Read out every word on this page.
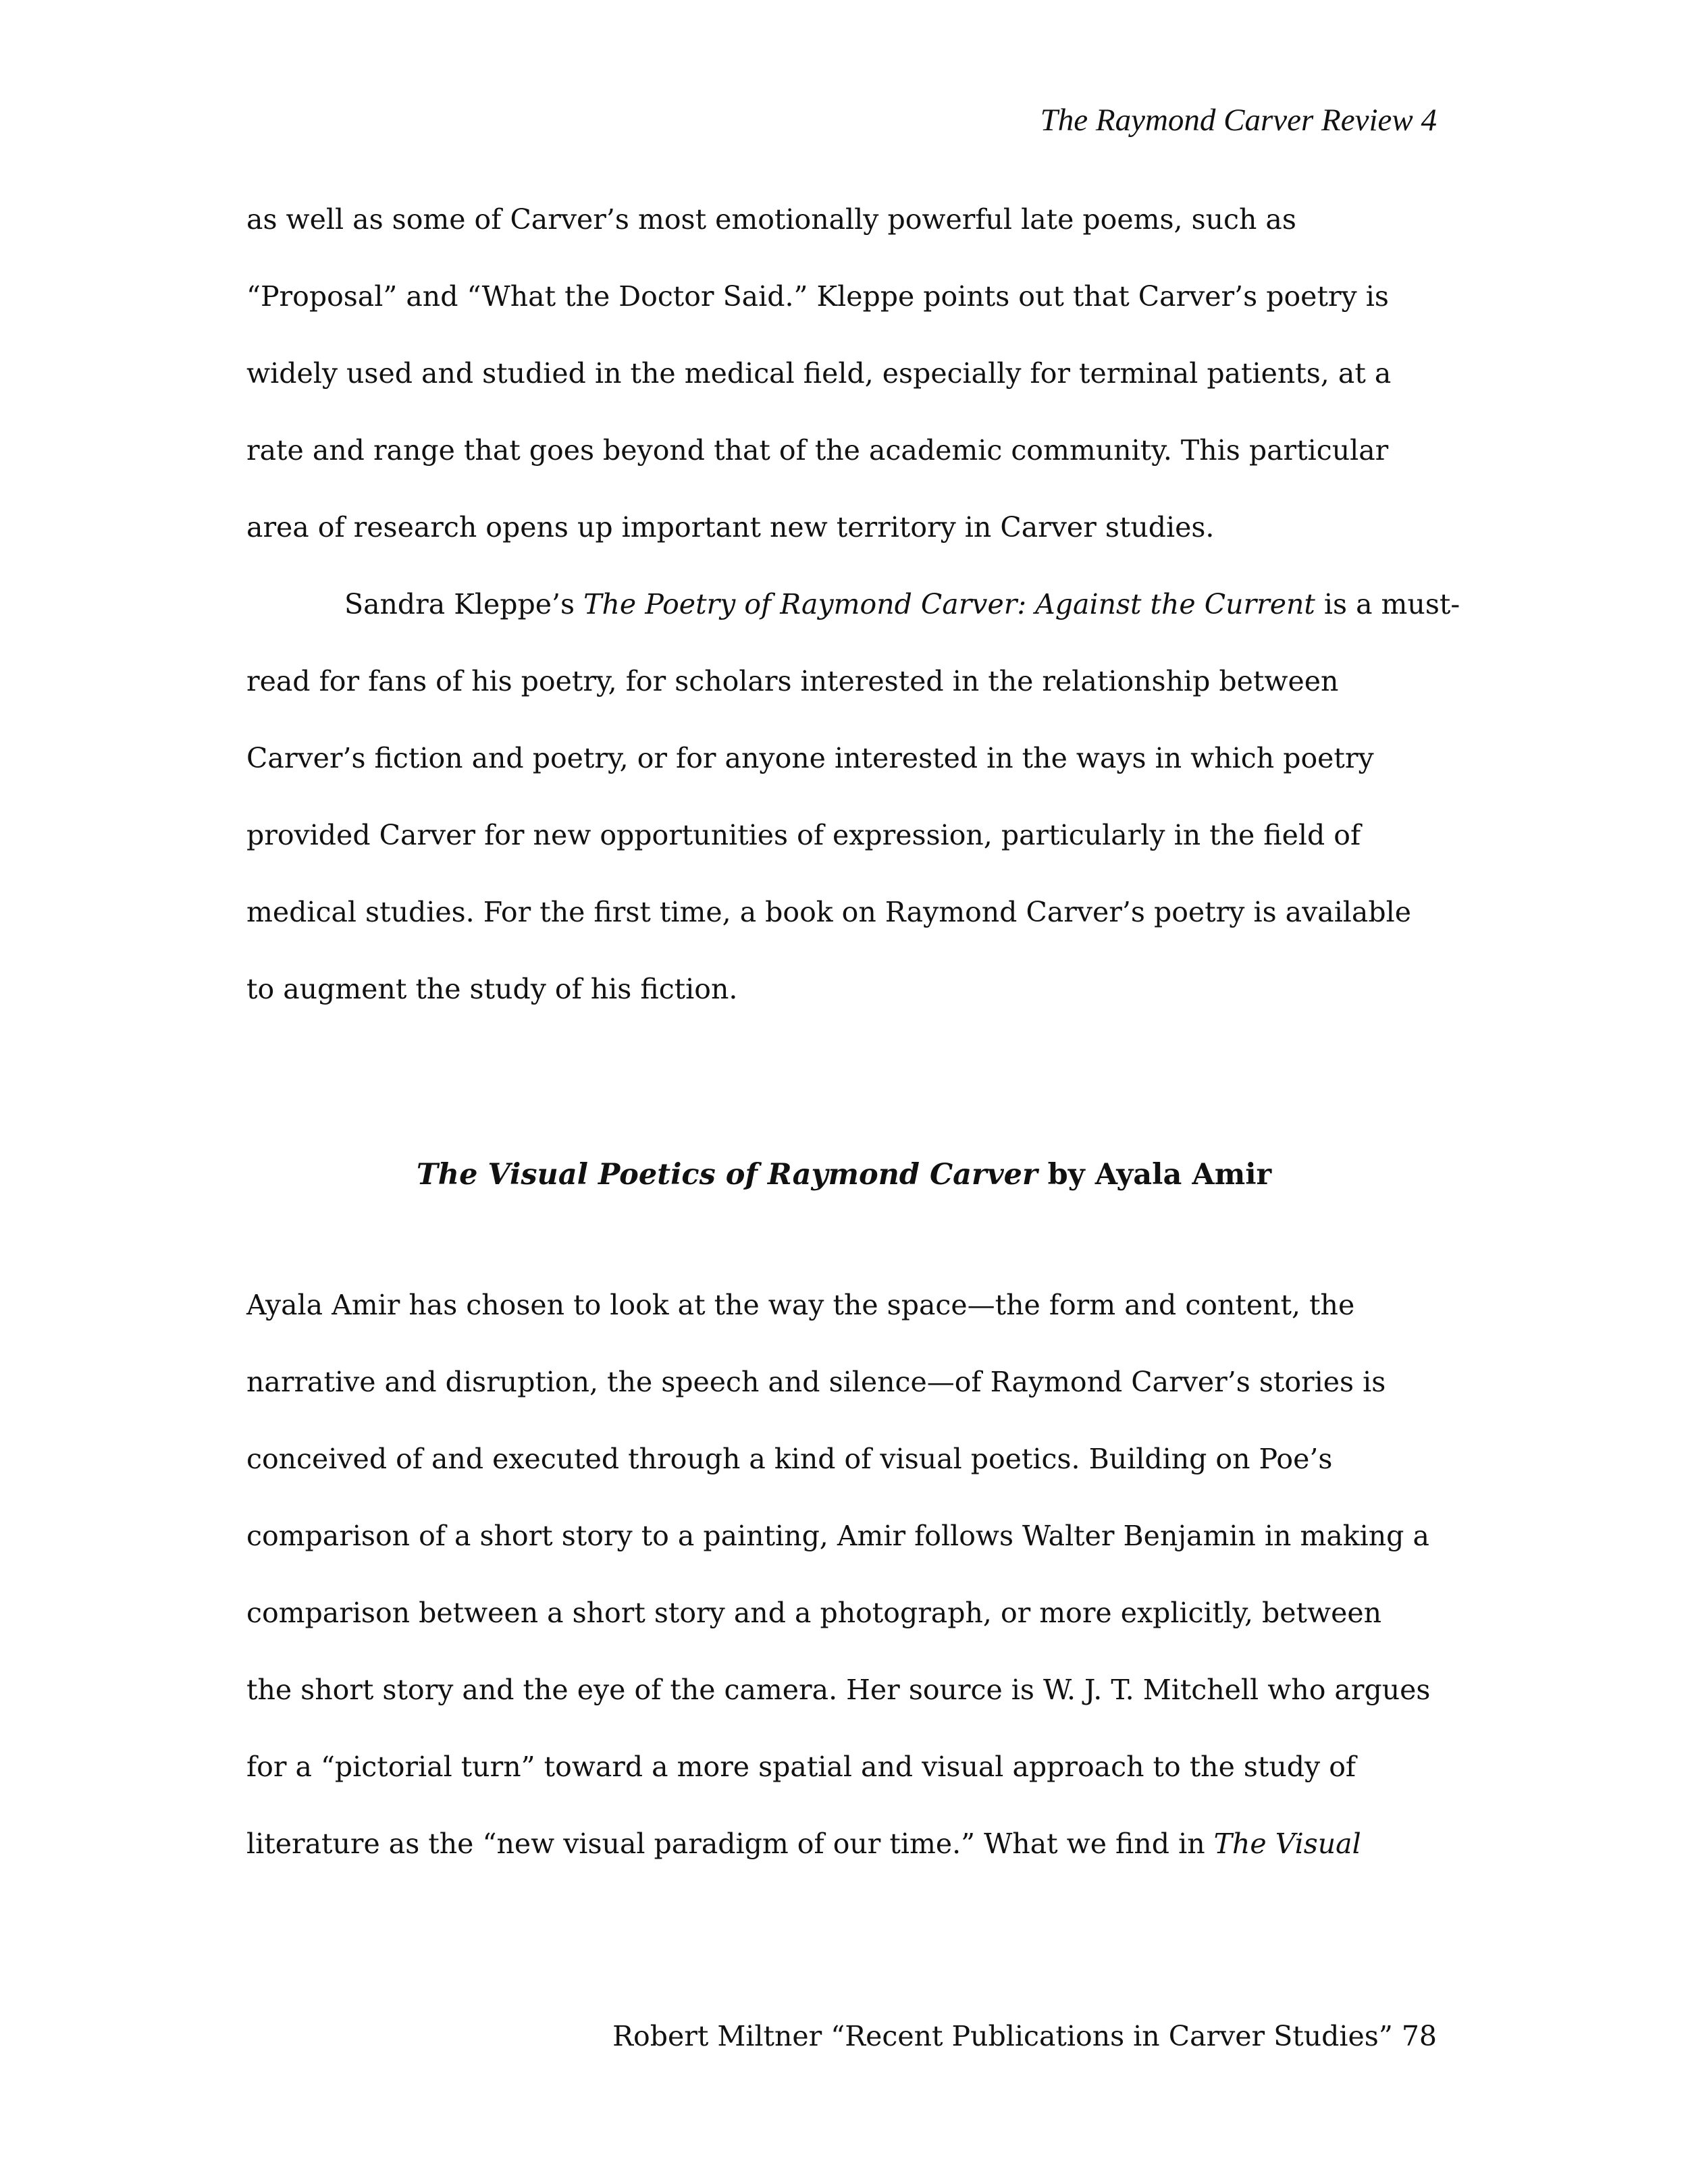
The Raymond Carver Review 4
as well as some of Carver’s most emotionally powerful late poems, such as
“Proposal” and “What the Doctor Said.” Kleppe points out that Carver’s poetry is
widely used and studied in the medical field, especially for terminal patients, at a
rate and range that goes beyond that of the academic community. This particular
area of research opens up important new territory in Carver studies.
Sandra Kleppe’s The Poetry of Raymond Carver: Against the Current is a must-
read for fans of his poetry, for scholars interested in the relationship between
Carver’s fiction and poetry, or for anyone interested in the ways in which poetry
provided Carver for new opportunities of expression, particularly in the field of
medical studies. For the first time, a book on Raymond Carver’s poetry is available
to augment the study of his fiction.
The Visual Poetics of Raymond Carver by Ayala Amir
Ayala Amir has chosen to look at the way the space—the form and content, the
narrative and disruption, the speech and silence—of Raymond Carver’s stories is
conceived of and executed through a kind of visual poetics. Building on Poe’s
comparison of a short story to a painting, Amir follows Walter Benjamin in making a
comparison between a short story and a photograph, or more explicitly, between
the short story and the eye of the camera. Her source is W. J. T. Mitchell who argues
for a “pictorial turn” toward a more spatial and visual approach to the study of
literature as the “new visual paradigm of our time.” What we find in The Visual
Robert Miltner “Recent Publications in Carver Studies” 78
